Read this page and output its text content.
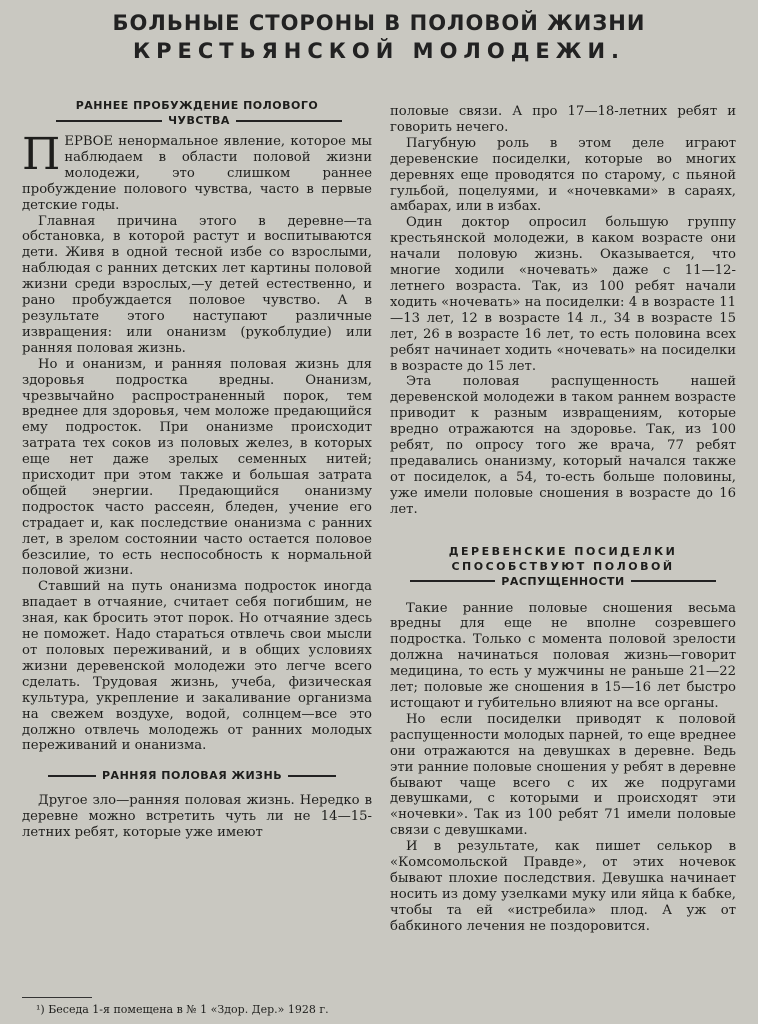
БОЛЬНЫЕ СТОРОНЫ В ПОЛОВОЙ ЖИЗНИ
КРЕСТЬЯНСКОЙ МОЛОДЕЖИ.
РАННЕЕ ПРОБУЖДЕНИЕ ПОЛОВОГО
ЧУВСТВА

ПЕРВОЕ ненормальное явление, которое мы наблюдаем в области половой жизни молодежи, это слишком раннее пробуждение полового чувства, часто в первые детские годы.

Главная причина этого в деревне—та обстановка, в которой растут и воспитываются дети. Живя в одной тесной избе со взрослыми, наблюдая с ранних детских лет картины половой жизни среди взрослых,—у детей естественно, и рано пробуждается половое чувство. А в результате этого наступают различные извращения: или онанизм (рукоблудие) или ранняя половая жизнь.

Но и онанизм, и ранняя половая жизнь для здоровья подростка вредны. Онанизм, чрезвычайно распространенный порок, тем вреднее для здоровья, чем моложе предающийся ему подросток. При онанизме происходит затрата тех соков из половых желез, в которых еще нет даже зрелых семенных нитей; присходит при этом также и большая затрата общей энергии. Предающийся онанизму подросток часто рассеян, бледен, учение его страдает и, как последствие онанизма с ранних лет, в зрелом состоянии часто остается половое безсилие, то есть неспособность к нормальной половой жизни.

Ставший на путь онанизма подросток иногда впадает в отчаяние, считает себя погибшим, не зная, как бросить этот порок. Но отчаяние здесь не поможет. Надо стараться отвлечь свои мысли от половых переживаний, и в общих условиях жизни деревенской молодежи это легче всего сделать. Трудовая жизнь, учеба, физическая культура, укрепление и закаливание организма на свежем воздухе, водой, солнцем—все это должно отвлечь молодежь от ранних молодых переживаний и онанизма.

РАННЯЯ ПОЛОВАЯ ЖИЗНЬ

Другое зло—ранняя половая жизнь. Нередко в деревне можно встретить чуть ли не 14—15-летних ребят, которые уже имеют

половые связи. А про 17—18-летних ребят и говорить нечего.

Пагубную роль в этом деле играют деревенские посиделки, которые во многих деревнях еще проводятся по старому, с пьяной гульбой, поцелуями, и «ночевками» в сараях, амбарах, или в избах.

Один доктор опросил большую группу крестьянской молодежи, в каком возрасте они начали половую жизнь. Оказывается, что многие ходили «ночевать» даже с 11—12-летнего возраста. Так, из 100 ребят начали ходить «ночевать» на посиделки: 4 в возрасте 11—13 лет, 12 в возрасте 14 л., 34 в возрасте 15 лет, 26 в возрасте 16 лет, то есть половина всех ребят начинает ходить «ночевать» на посиделки в возрасте до 15 лет.

Эта половая распущенность нашей деревенской молодежи в таком раннем возрасте приводит к разным извращениям, которые вредно отражаются на здоровье. Так, из 100 ребят, по опросу того же врача, 77 ребят предавались онанизму, который начался также от посиделок, а 54, то-есть больше половины, уже имели половые сношения в возрасте до 16 лет.

ДЕРЕВЕНСКИЕ ПОСИДЕЛКИ
СПОСОБСТВУЮТ ПОЛОВОЙ
РАСПУЩЕННОСТИ

Такие ранние половые сношения весьма вредны для еще не вполне созревшего подростка. Только с момента половой зрелости должна начинаться половая жизнь—говорит медицина, то есть у мужчины не раньше 21—22 лет; половые же сношения в 15—16 лет быстро истощают и губительно влияют на все органы.

Но если посиделки приводят к половой распущенности молодых парней, то еще вреднее они отражаются на девушках в деревне. Ведь эти ранние половые сношения у ребят в деревне бывают чаще всего с их же подругами девушками, с которыми и происходят эти «ночевки». Так из 100 ребят 71 имели половые связи с девушками.

И в результате, как пишет селькор в «Комсомольской Правде», от этих ночевок бывают плохие последствия. Девушка начинает носить из дому узелками муку или яйца к бабке, чтобы та ей «истребила» плод. А уж от бабкиного лечения не поздоровится.

¹) Беседа 1-я помещена в № 1 «Здор. Дер.» 1928 г.
